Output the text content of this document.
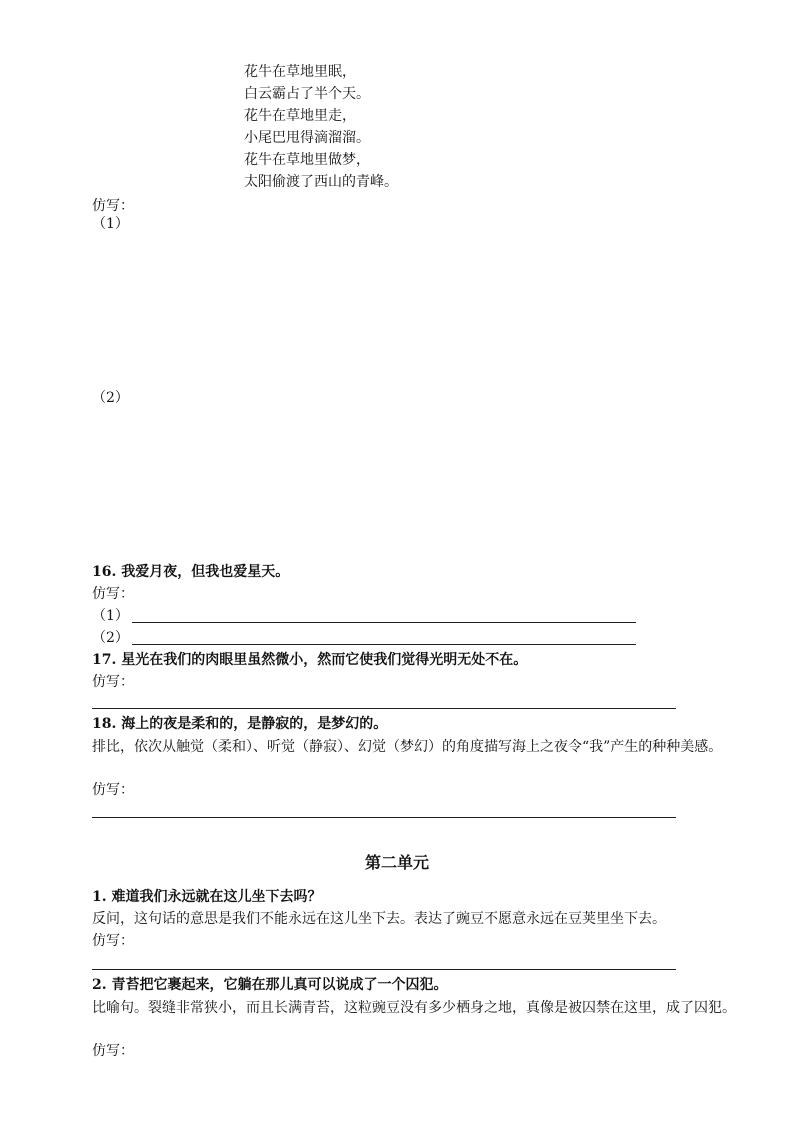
花牛在草地里眠，
白云霸占了半个天。
花牛在草地里走，
小尾巴甩得滴溜溜。
花牛在草地里做梦，
太阳偷渡了西山的青峰。
仿写：
（1）
（2）
16. 我爱月夜，但我也爱星天。
仿写：
（1）
（2）
17. 星光在我们的肉眼里虽然微小，然而它使我们觉得光明无处不在。
仿写：
18. 海上的夜是柔和的，是静寂的，是梦幻的。
排比，依次从触觉（柔和）、听觉（静寂）、幻觉（梦幻）的角度描写海上之夜令“我”产生的种种美感。
仿写：
第二单元
1. 难道我们永远就在这儿坐下去吗？
反问，这句话的意思是我们不能永远在这儿坐下去。表达了豌豆不愿意永远在豆荚里坐下去。
仿写：
2. 青苔把它裹起来，它躺在那儿真可以说成了一个囚犯。
比喻句。裂缝非常狭小，而且长满青苔，这粒豌豆没有多少栖身之地，真像是被囚禁在这里，成了囚犯。
仿写：
